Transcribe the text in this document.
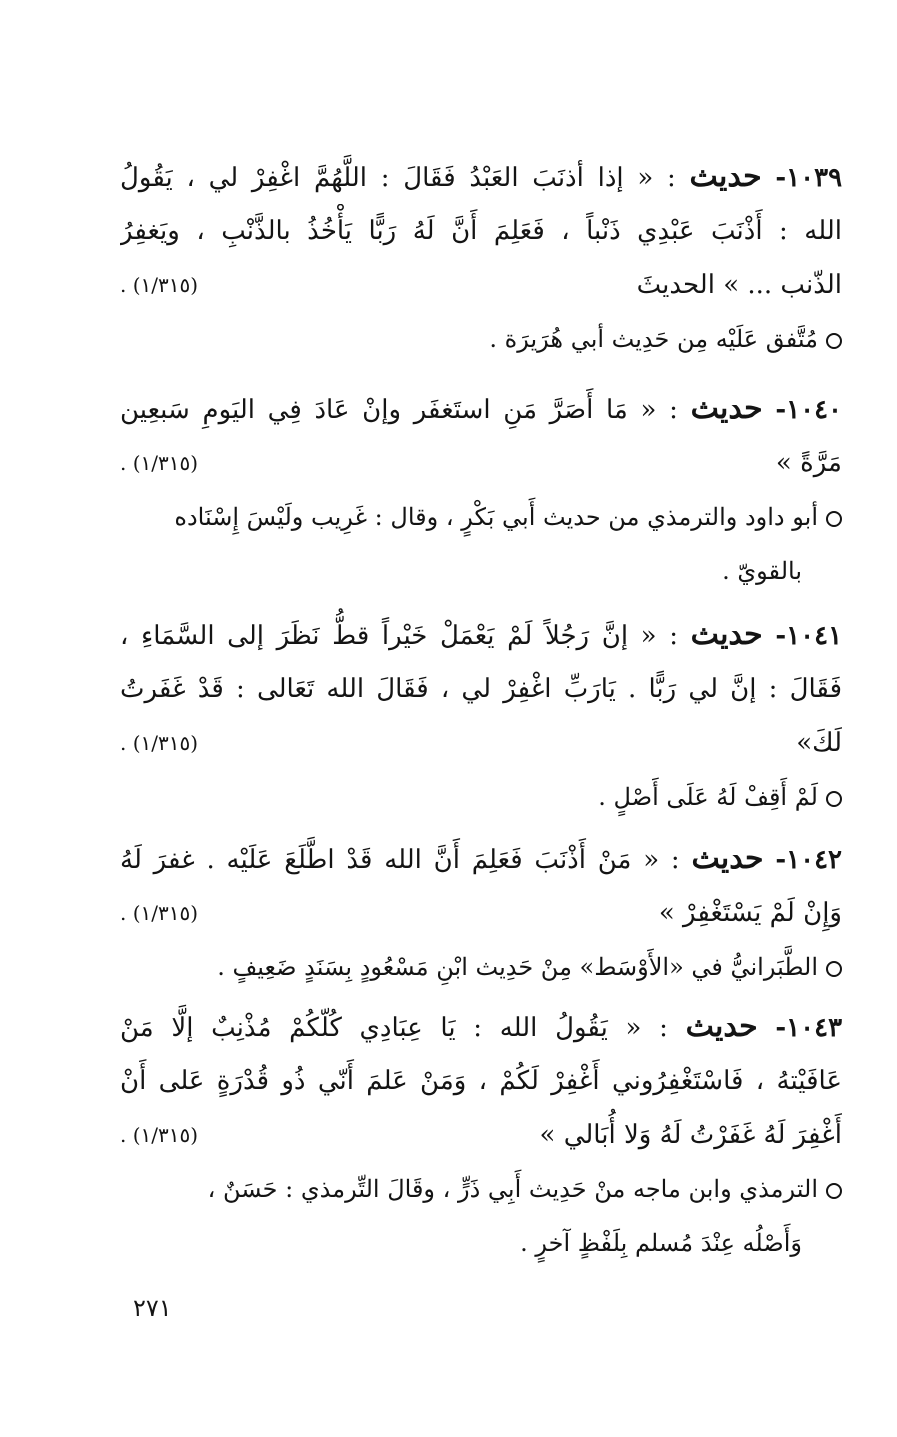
١٠٣٩- حديث : « إذا أذنَبَ العَبْدُ فَقَالَ : اللَّهُمَّ اغْفِرْ لي ، يَقُولُ
الله : أَذْنَبَ عَبْدِي ذَنْباً ، فَعَلِمَ أَنَّ لَهُ رَبًّا يَأْخُذُ بالذَّنْبِ ، ويَغفِرُ
الذّنب ... » الحديثَ
(١/٣١٥) .
مُتَّفق عَلَيْه مِن حَدِيث أبي هُرَيرَة .
١٠٤٠- حديث : « مَا أَصَرَّ مَنِ استَغفَر وإنْ عَادَ فِي اليَومِ سَبعِين
مَرَّةً »
(١/٣١٥) .
أبو داود والترمذي من حديث أَبي بَكْرٍ ، وقال : غَرِيب ولَيْسَ إِسْنَاده
بالقويّ .
١٠٤١- حديث : « إنَّ رَجُلاً لَمْ يَعْمَلْ خَيْراً قطُّ نَظَرَ إلى السَّمَاءِ ،
فَقَالَ : إنَّ لي رَبًّا . يَارَبِّ اغْفِرْ لي ، فَقَالَ الله تَعَالى : قَدْ غَفَرتُ
لَكَ»
(١/٣١٥) .
لَمْ أَقِفْ لَهُ عَلَى أَصْلٍ .
١٠٤٢- حديث : « مَنْ أَذْنَبَ فَعَلِمَ أَنَّ الله قَدْ اطَّلَعَ عَلَيْه . غفرَ لَهُ
وَإِنْ لَمْ يَسْتَغْفِرْ »
(١/٣١٥) .
الطَّبَرانيُّ في «الأَوْسَط» مِنْ حَدِيث ابْنِ مَسْعُودٍ بِسَنَدٍ ضَعِيفٍ .
١٠٤٣- حديث : « يَقُولُ الله : يَا عِبَادِي كُلّكُمْ مُذْنِبٌ إلَّا مَنْ
عَافَيْتهُ ، فَاسْتَغْفِرُوني أَغْفِرْ لَكُمْ ، وَمَنْ عَلمَ أَنّي ذُو قُدْرَةٍ عَلى أَنْ
أَغْفِرَ لَهُ غَفَرْتُ لَهُ وَلا أُبَالي »
(١/٣١٥) .
الترمذي وابن ماجه منْ حَدِيث أَبِي ذَرٍّ ، وقَالَ التِّرمذي : حَسَنٌ ،
وَأَصْلُه عِنْدَ مُسلم بِلَفْظٍ آخرٍ .
٢٧١
